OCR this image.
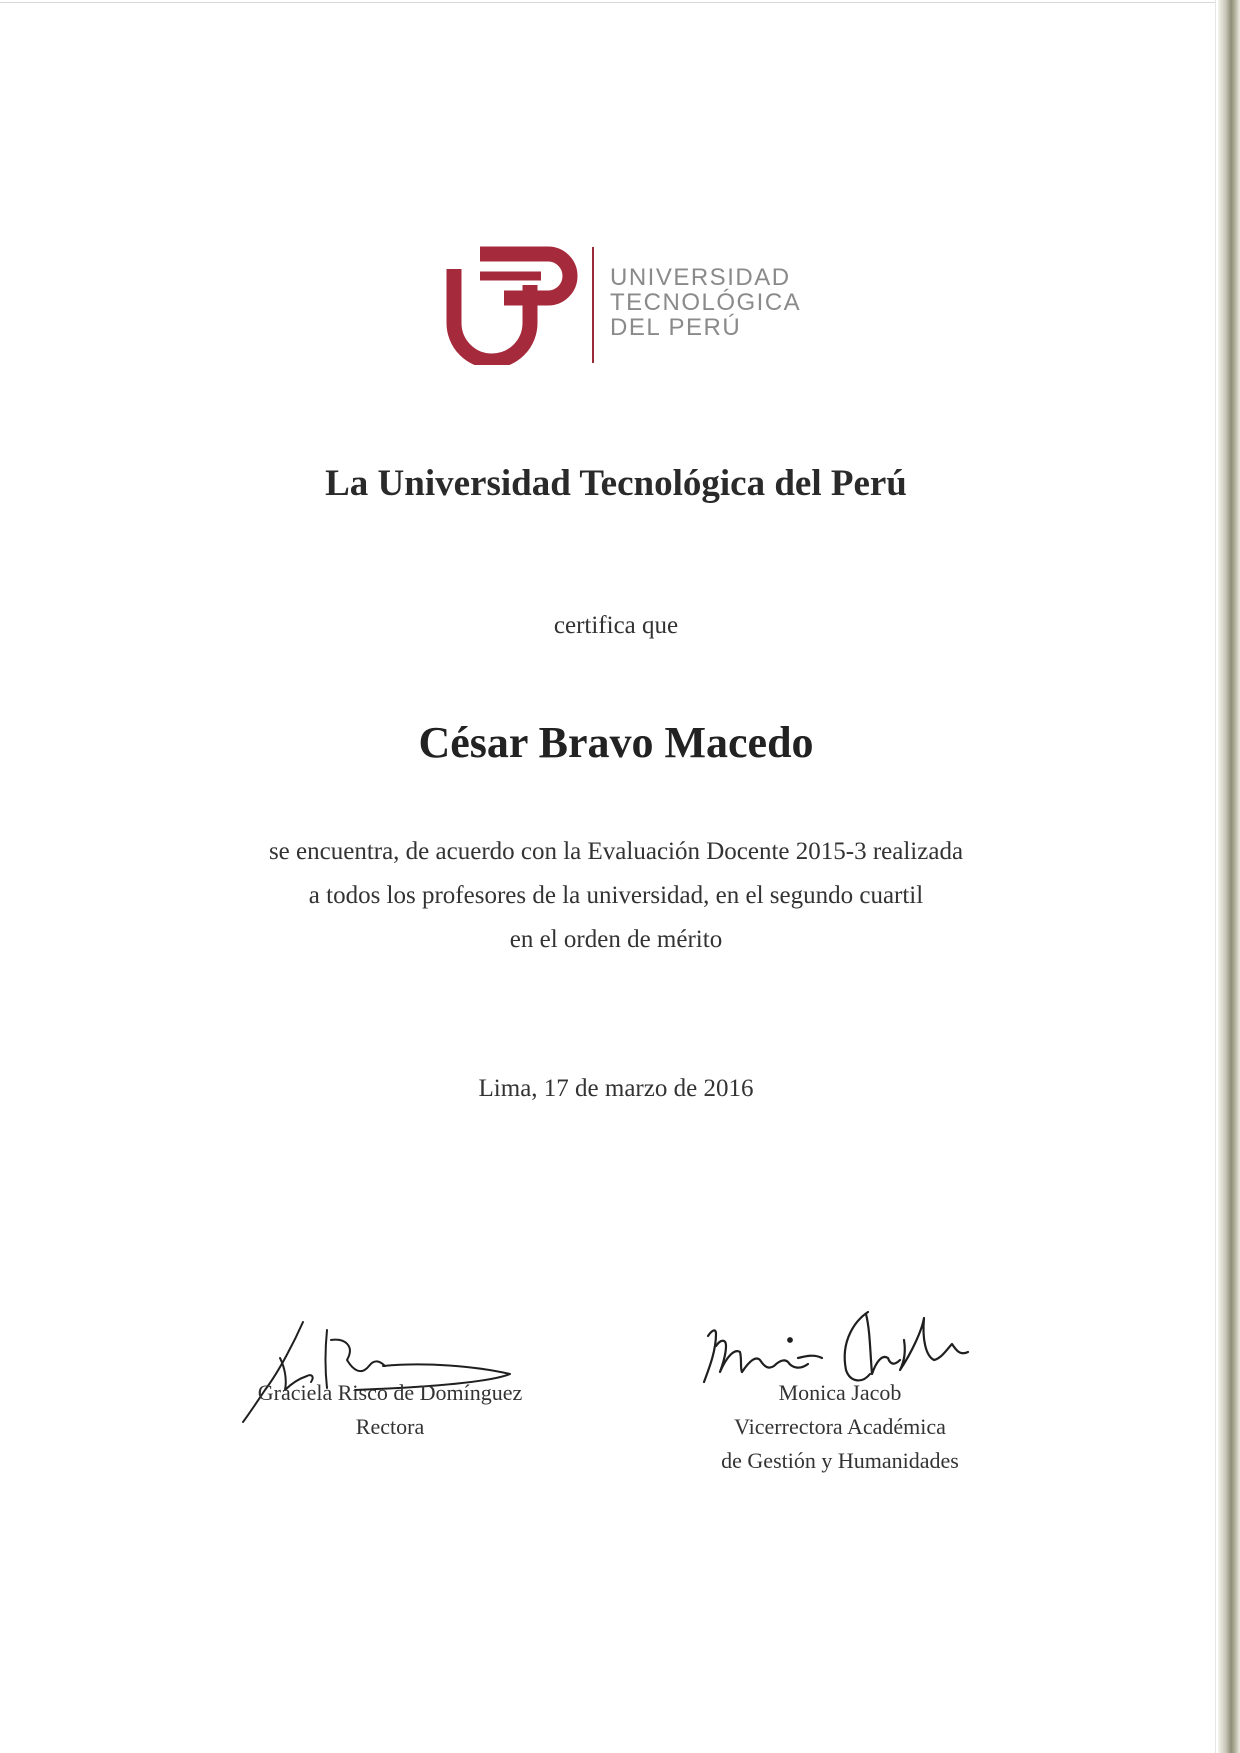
UNIVERSIDAD
TECNOLÓGICA
DEL PERÚ
La Universidad Tecnológica del Perú
certifica que
César Bravo Macedo
se encuentra, de acuerdo con la Evaluación Docente 2015-3 realizada
a todos los profesores de la universidad, en el segundo cuartil
en el orden de mérito
Lima, 17 de marzo de 2016
Graciela Risco de Domínguez
Rectora
Monica Jacob
Vicerrectora Académica
de Gestión y Humanidades
